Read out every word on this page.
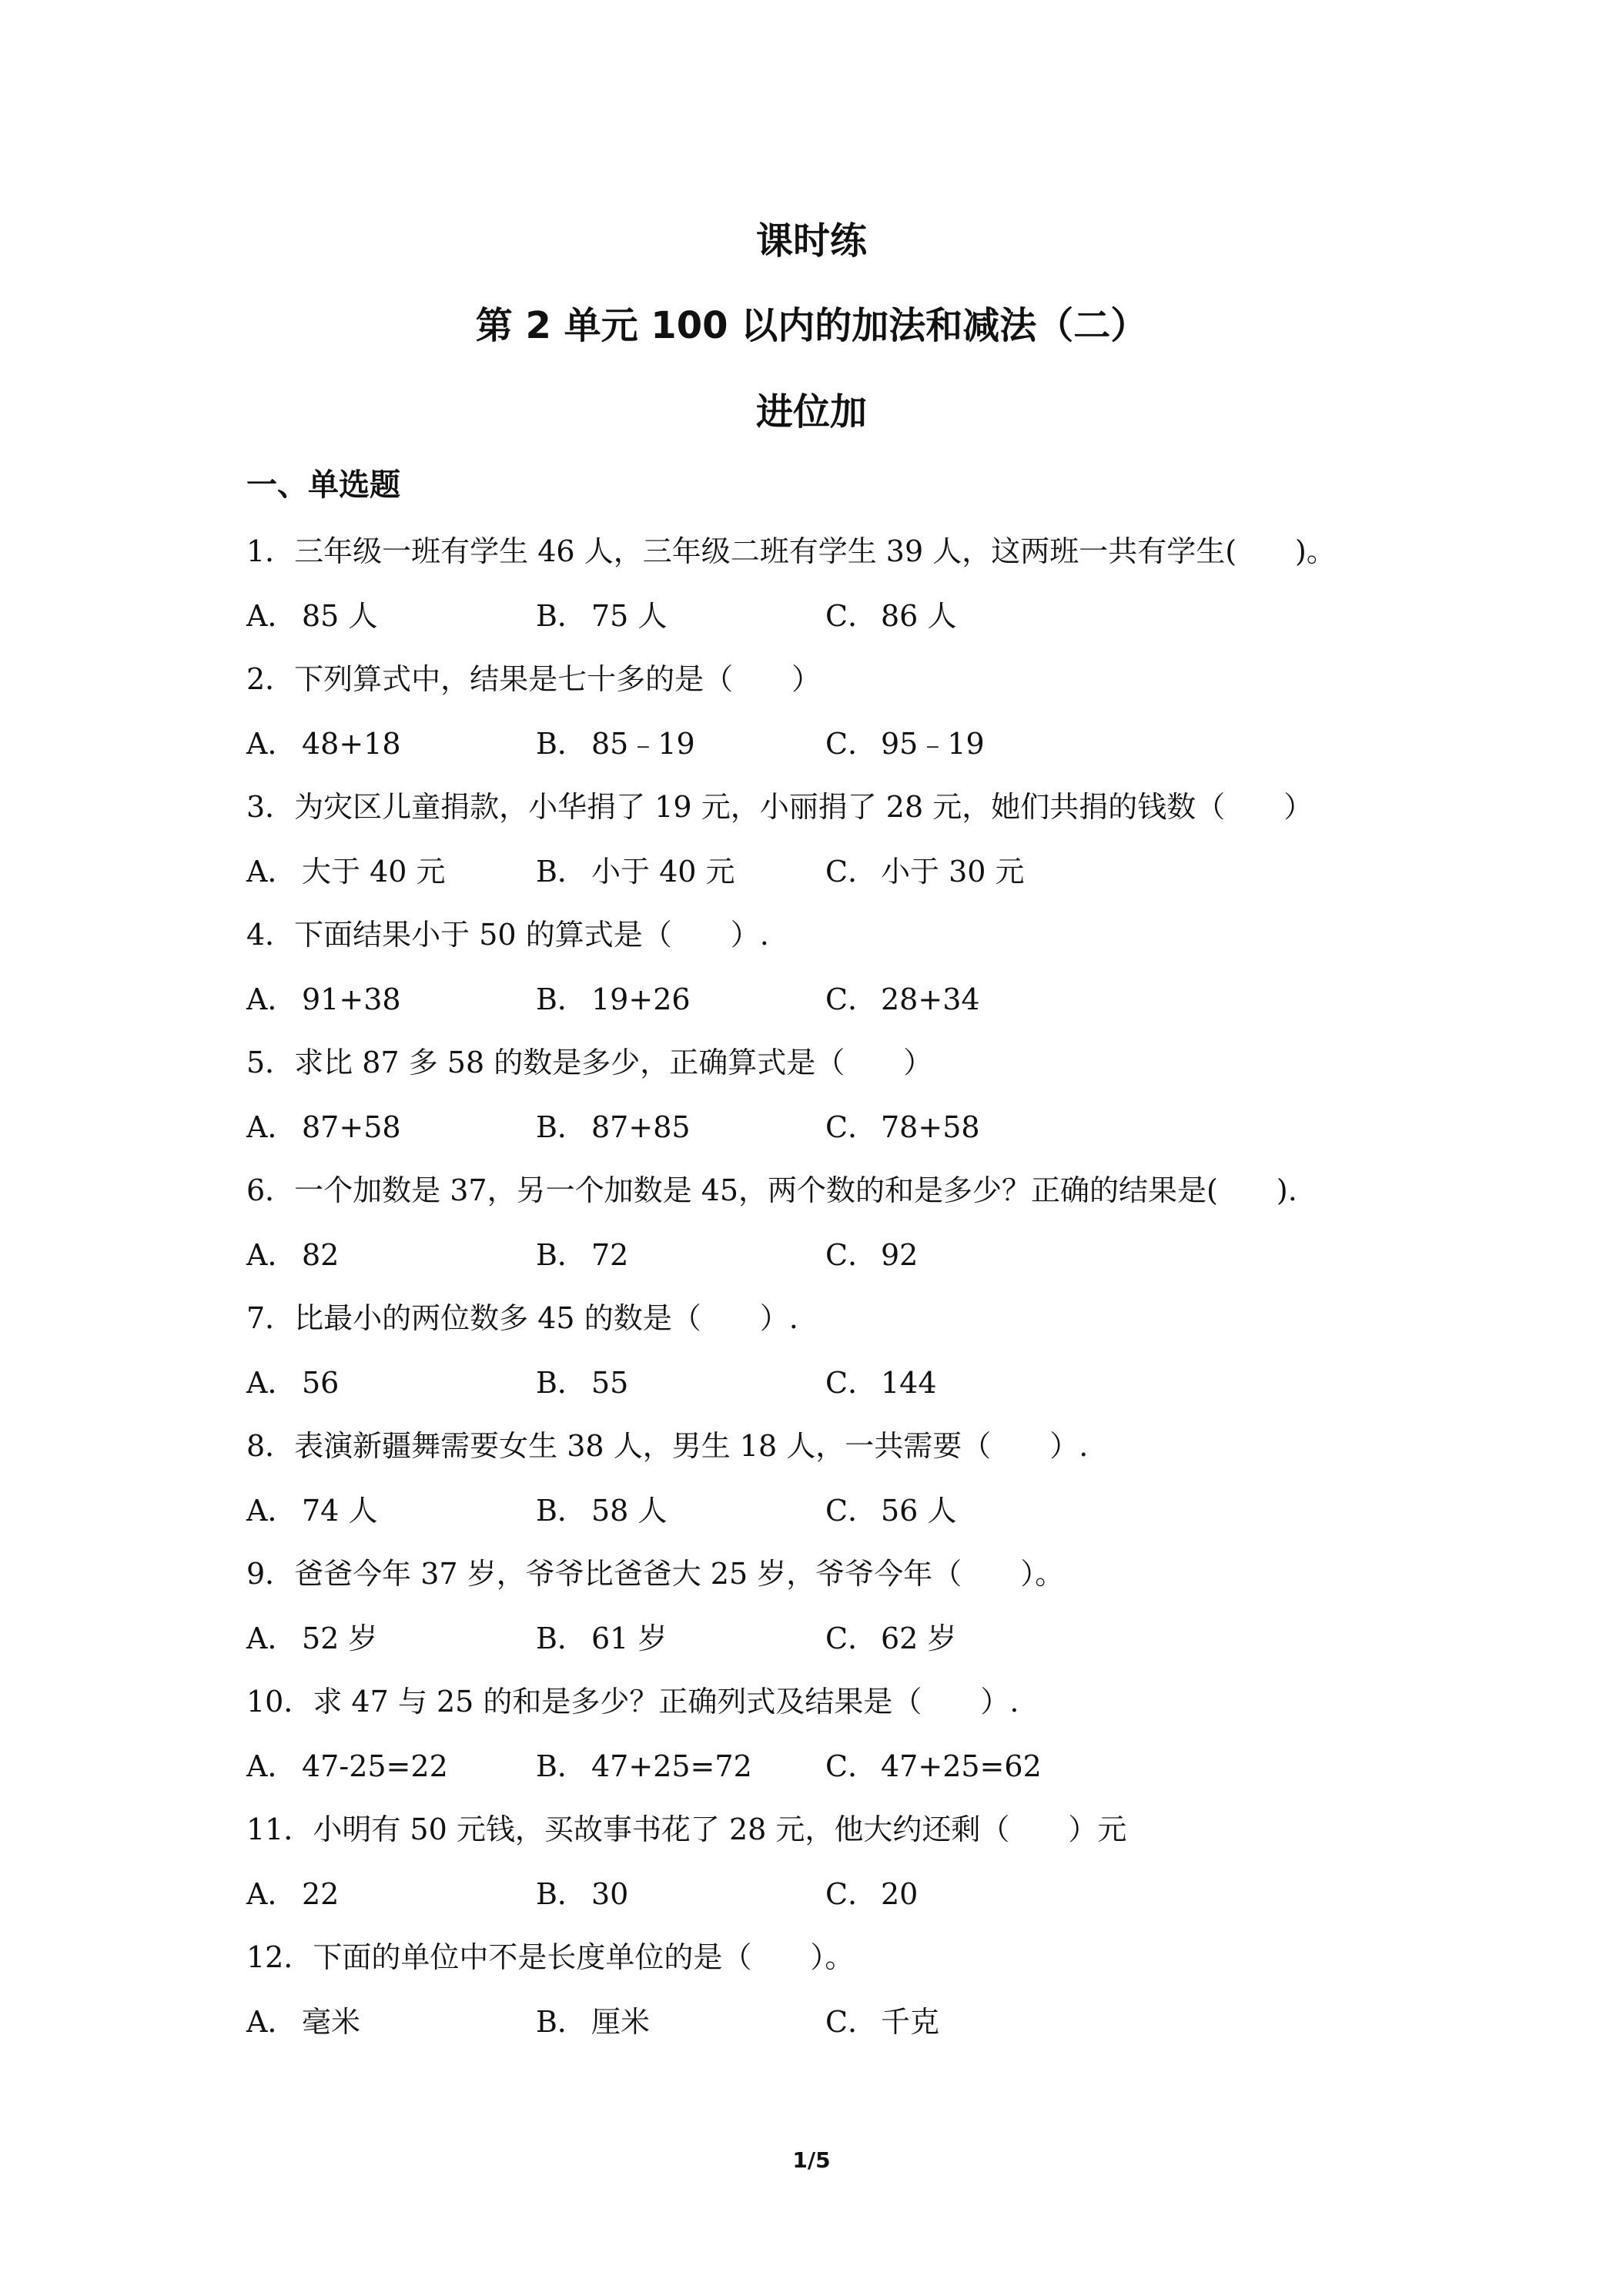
课时练
第 2 单元 100 以内的加法和减法（二）
进位加
一、单选题
1．三年级一班有学生 46 人，三年级二班有学生 39 人，这两班一共有学生(　　)。
A． 85 人	B． 75 人	C． 86 人
2．下列算式中，结果是七十多的是（　　）
A． 48+18	B． 85﹣19	C． 95﹣19
3．为灾区儿童捐款，小华捐了 19 元，小丽捐了 28 元，她们共捐的钱数（　　）
A． 大于 40 元	B． 小于 40 元	C． 小于 30 元
4．下面结果小于 50 的算式是（　　）.
A． 91+38	B． 19+26	C． 28+34
5．求比 87 多 58 的数是多少，正确算式是（　　）
A． 87+58	B． 87+85	C． 78+58
6．一个加数是 37，另一个加数是 45，两个数的和是多少？正确的结果是(　　).
A． 82	B． 72	C． 92
7．比最小的两位数多 45 的数是（　　）.
A． 56	B． 55	C． 144
8．表演新疆舞需要女生 38 人，男生 18 人，一共需要（　　）.
A． 74 人	B． 58 人	C． 56 人
9．爸爸今年 37 岁，爷爷比爸爸大 25 岁，爷爷今年（　　）。
A． 52 岁	B． 61 岁	C． 62 岁
10．求 47 与 25 的和是多少？正确列式及结果是（　　）.
A． 47-25=22	B． 47+25=72	C． 47+25=62
11．小明有 50 元钱，买故事书花了 28 元，他大约还剩（　　）元
A． 22	B． 30	C． 20
12．下面的单位中不是长度单位的是（　　）。
A． 毫米	B． 厘米	C． 千克
1/5
